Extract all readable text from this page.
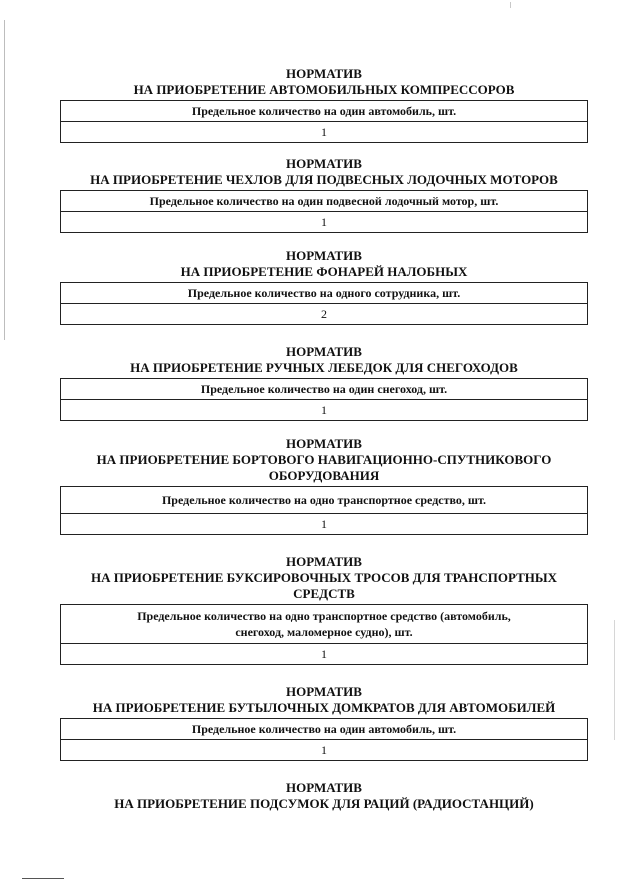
НОРМАТИВ

НА ПРИОБРЕТЕНИЕ АВТОМОБИЛЬНЫХ КОМПРЕССОРОВ

Предельное количество на один автомобиль, шт.
1

НОРМАТИВ

НА ПРИОБРЕТЕНИЕ ЧЕХЛОВ ДЛЯ ПОДВЕСНЫХ ЛОДОЧНЫХ МОТОРОВ

Предельное количество на один подвесной лодочный мотор, шт.
1

НОРМАТИВ

НА ПРИОБРЕТЕНИЕ ФОНАРЕЙ НАЛОБНЫХ

Предельное количество на одного сотрудника, шт.
2

НОРМАТИВ

НА ПРИОБРЕТЕНИЕ РУЧНЫХ ЛЕБЕДОК ДЛЯ СНЕГОХОДОВ

Предельное количество на один снегоход, шт.
1

НОРМАТИВ

НА ПРИОБРЕТЕНИЕ БОРТОВОГО НАВИГАЦИОННО-СПУТНИКОВОГО

ОБОРУДОВАНИЯ

Предельное количество на одно транспортное средство, шт.
1

НОРМАТИВ

НА ПРИОБРЕТЕНИЕ БУКСИРОВОЧНЫХ ТРОСОВ ДЛЯ ТРАНСПОРТНЫХ

СРЕДСТВ

Предельное количество на одно транспортное средство (автомобиль,
снегоход, маломерное судно), шт.

1

НОРМАТИВ

НА ПРИОБРЕТЕНИЕ БУТЫЛОЧНЫХ ДОМКРАТОВ ДЛЯ АВТОМОБИЛЕЙ

Предельное количество на один автомобиль, шт.
1

НОРМАТИВ

НА ПРИОБРЕТЕНИЕ ПОДСУМОК ДЛЯ РАЦИЙ (РАДИОСТАНЦИЙ)
